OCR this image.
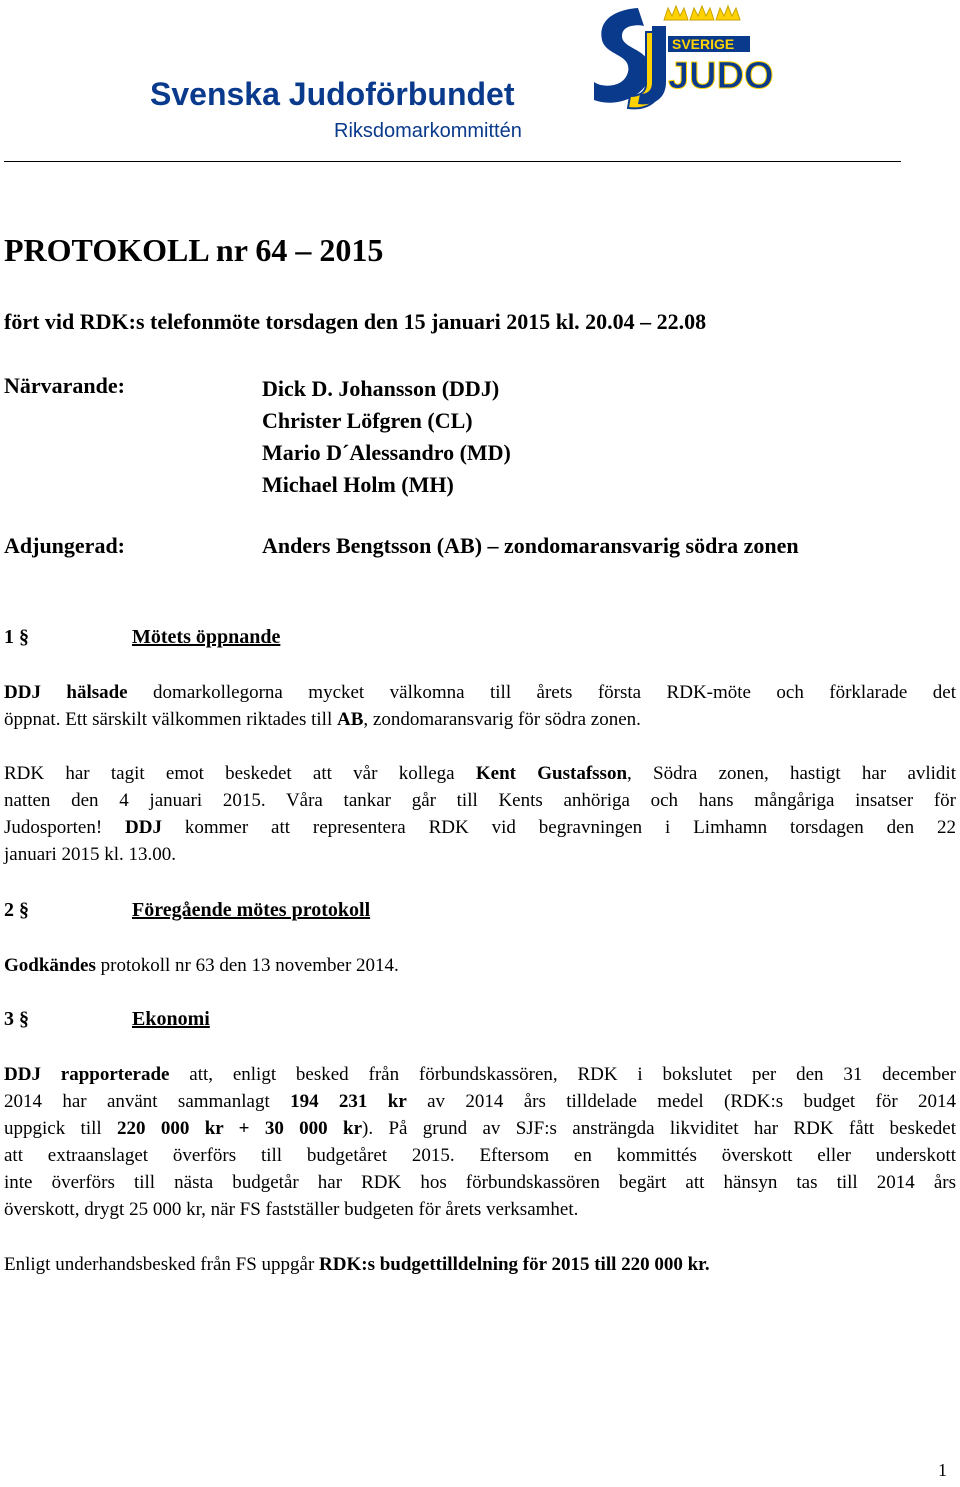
Svenska Judoförbundet
Riksdomarkommittén
SVERIGE
JUDO
PROTOKOLL nr 64 – 2015
fört vid RDK:s telefonmöte torsdagen den 15 januari 2015 kl. 20.04 – 22.08
Närvarande:	Dick D. Johansson (DDJ)
Christer Löfgren (CL)
Mario D´Alessandro (MD)
Michael Holm (MH)
Adjungerad:	Anders Bengtsson (AB) – zondomaransvarig södra zonen
1 §	Mötets öppnande
DDJ hälsade domarkollegorna mycket välkomna till årets första RDK-möte och förklarade det
öppnat. Ett särskilt välkommen riktades till AB, zondomaransvarig för södra zonen.
RDK har tagit emot beskedet att vår kollega Kent Gustafsson, Södra zonen, hastigt har avlidit
natten den 4 januari 2015. Våra tankar går till Kents anhöriga och hans mångåriga insatser för
Judosporten! DDJ kommer att representera RDK vid begravningen i Limhamn torsdagen den 22
januari 2015 kl. 13.00.
2 §	Föregående mötes protokoll
Godkändes protokoll nr 63 den 13 november 2014.
3 §	Ekonomi
DDJ rapporterade att, enligt besked från förbundskassören, RDK i bokslutet per den 31 december
2014 har använt sammanlagt 194 231 kr av 2014 års tilldelade medel (RDK:s budget för 2014
uppgick till 220 000 kr + 30 000 kr). På grund av SJF:s ansträngda likviditet har RDK fått beskedet
att extraanslaget överförs till budgetåret 2015. Eftersom en kommittés överskott eller underskott
inte överförs till nästa budgetår har RDK hos förbundskassören begärt att hänsyn tas till 2014 års
överskott, drygt 25 000 kr, när FS fastställer budgeten för årets verksamhet.
Enligt underhandsbesked från FS uppgår RDK:s budgettilldelning för 2015 till 220 000 kr.
1
